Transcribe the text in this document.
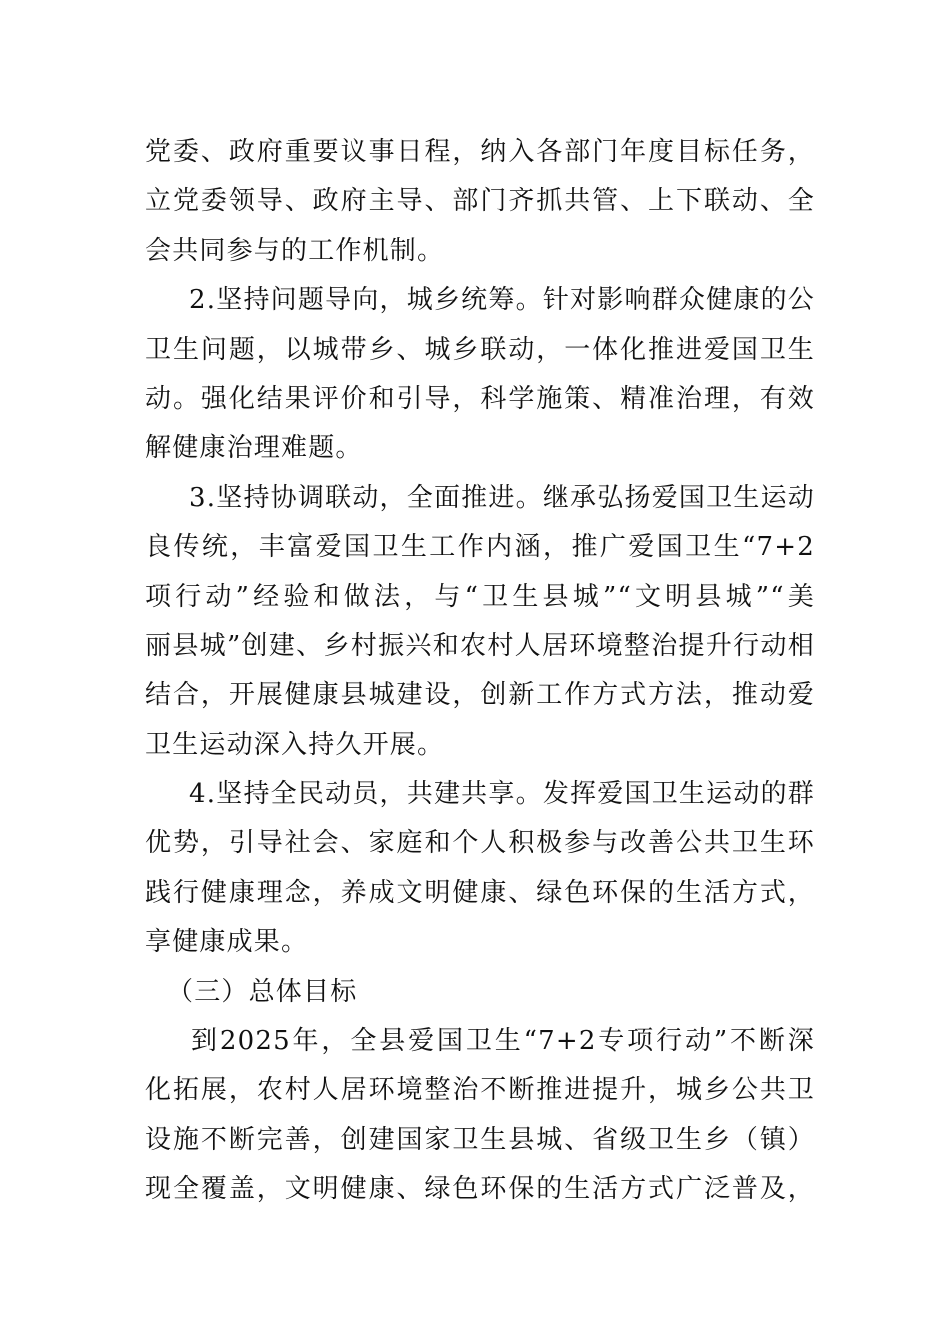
党委、政府重要议事日程，纳入各部门年度目标任务，
立党委领导、政府主导、部门齐抓共管、上下联动、全
会共同参与的工作机制。
2.坚持问题导向，城乡统筹。针对影响群众健康的公
卫生问题，以城带乡、城乡联动，一体化推进爱国卫生
动。强化结果评价和引导，科学施策、精准治理，有效
解健康治理难题。
3.坚持协调联动，全面推进。继承弘扬爱国卫生运动
良传统，丰富爱国卫生工作内涵，推广爱国卫生“7+2
项行动”经验和做法，与“卫生县城”“文明县城”“美
丽县城”创建、乡村振兴和农村人居环境整治提升行动相
结合，开展健康县城建设，创新工作方式方法，推动爱
卫生运动深入持久开展。
4.坚持全民动员，共建共享。发挥爱国卫生运动的群
优势，引导社会、家庭和个人积极参与改善公共卫生环
践行健康理念，养成文明健康、绿色环保的生活方式，
享健康成果。
（三）总体目标
到2025年，全县爱国卫生“7+2专项行动”不断深
化拓展，农村人居环境整治不断推进提升，城乡公共卫
设施不断完善，创建国家卫生县城、省级卫生乡（镇）
现全覆盖，文明健康、绿色环保的生活方式广泛普及，
